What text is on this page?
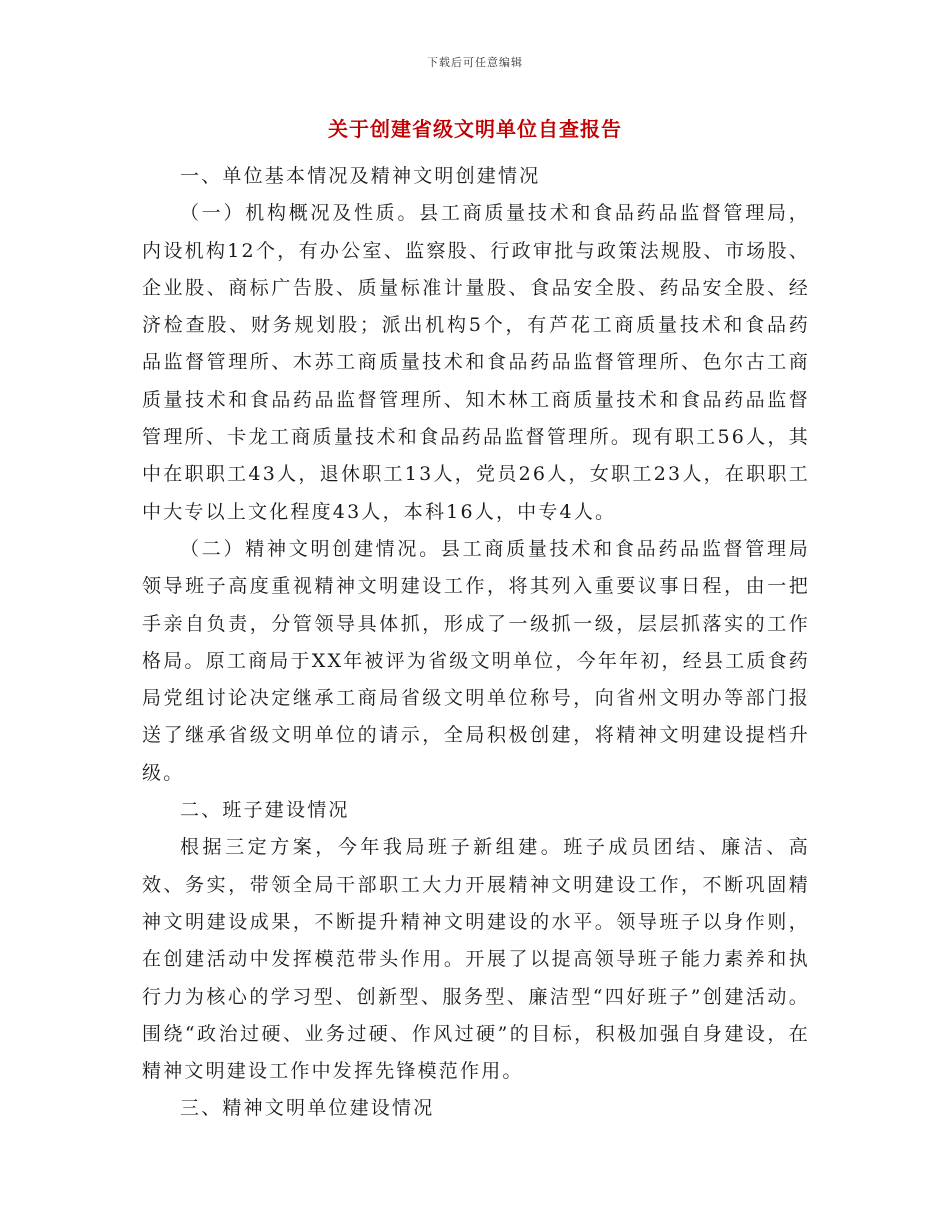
下载后可任意编辑
关于创建省级文明单位自查报告

一、单位基本情况及精神文明创建情况

（一）机构概况及性质。县工商质量技术和食品药品监督管理局，内设机构12个，有办公室、监察股、行政审批与政策法规股、市场股、企业股、商标广告股、质量标准计量股、食品安全股、药品安全股、经济检查股、财务规划股；派出机构5个，有芦花工商质量技术和食品药品监督管理所、木苏工商质量技术和食品药品监督管理所、色尔古工商质量技术和食品药品监督管理所、知木林工商质量技术和食品药品监督管理所、卡龙工商质量技术和食品药品监督管理所。现有职工56人，其中在职职工43人，退休职工13人，党员26人，女职工23人，在职职工中大专以上文化程度43人，本科16人，中专4人。

（二）精神文明创建情况。县工商质量技术和食品药品监督管理局领导班子高度重视精神文明建设工作，将其列入重要议事日程，由一把手亲自负责，分管领导具体抓，形成了一级抓一级，层层抓落实的工作格局。原工商局于XX年被评为省级文明单位，今年年初，经县工质食药局党组讨论决定继承工商局省级文明单位称号，向省州文明办等部门报送了继承省级文明单位的请示，全局积极创建，将精神文明建设提档升级。

二、班子建设情况

根据三定方案，今年我局班子新组建。班子成员团结、廉洁、高效、务实，带领全局干部职工大力开展精神文明建设工作，不断巩固精神文明建设成果，不断提升精神文明建设的水平。领导班子以身作则，在创建活动中发挥模范带头作用。开展了以提高领导班子能力素养和执行力为核心的学习型、创新型、服务型、廉洁型“四好班子”创建活动。围绕“政治过硬、业务过硬、作风过硬”的目标，积极加强自身建设，在精神文明建设工作中发挥先锋模范作用。

三、精神文明单位建设情况
